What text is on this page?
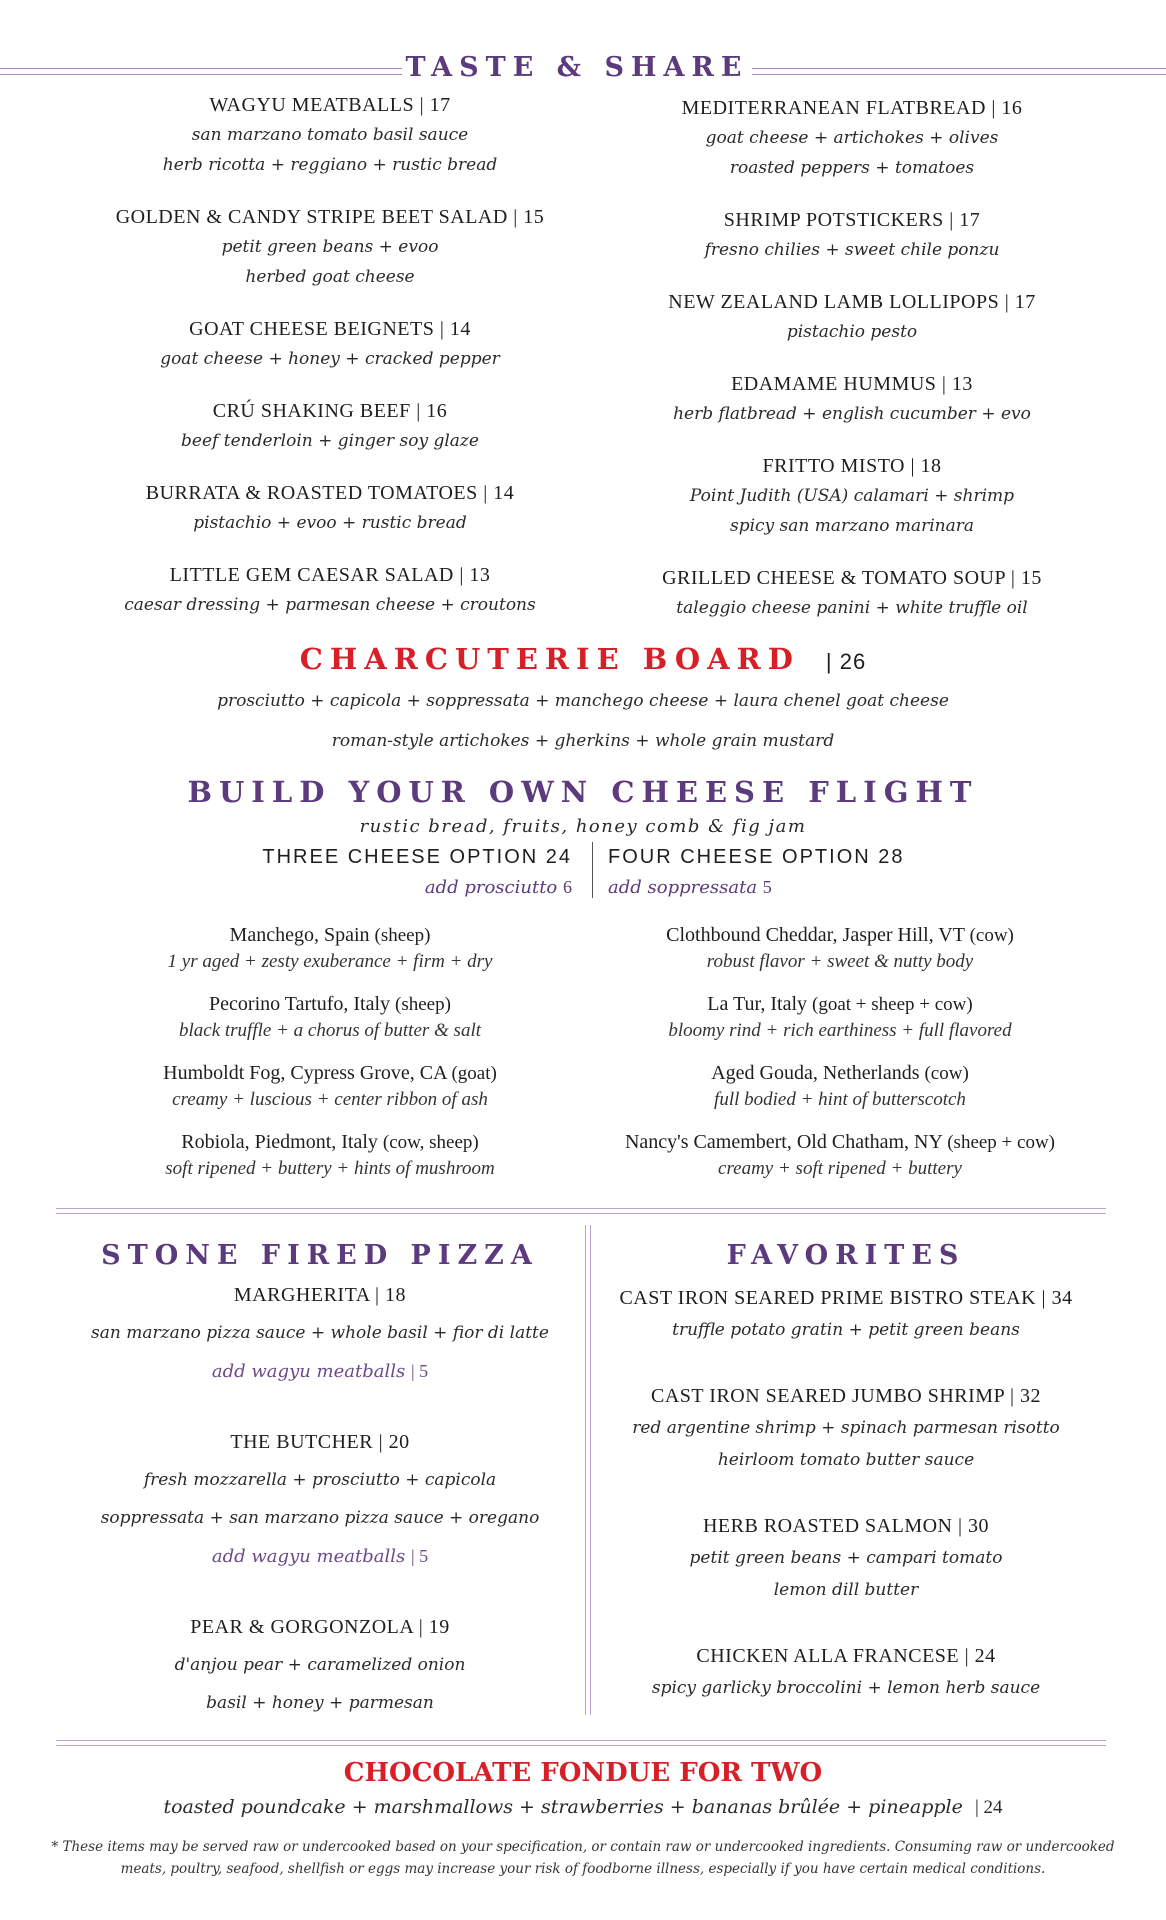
TASTE & SHARE
WAGYU MEATBALLS | 17
san marzano tomato basil sauce
herb ricotta + reggiano + rustic bread
GOLDEN & CANDY STRIPE BEET SALAD | 15
petit green beans + evoo
herbed goat cheese
GOAT CHEESE BEIGNETS | 14
goat cheese + honey + cracked pepper
CRÚ SHAKING BEEF | 16
beef tenderloin + ginger soy glaze
BURRATA & ROASTED TOMATOES | 14
pistachio + evoo + rustic bread
LITTLE GEM CAESAR SALAD | 13
caesar dressing + parmesan cheese + croutons
MEDITERRANEAN FLATBREAD | 16
goat cheese + artichokes + olives
roasted peppers + tomatoes
SHRIMP POTSTICKERS | 17
fresno chilies + sweet chile ponzu
NEW ZEALAND LAMB LOLLIPOPS | 17
pistachio pesto
EDAMAME HUMMUS | 13
herb flatbread + english cucumber + evo
FRITTO MISTO | 18
Point Judith (USA) calamari + shrimp
spicy san marzano marinara
GRILLED CHEESE & TOMATO SOUP | 15
taleggio cheese panini + white truffle oil
CHARCUTERIE BOARD | 26
prosciutto + capicola + soppressata + manchego cheese + laura chenel goat cheese
roman-style artichokes + gherkins + whole grain mustard
BUILD YOUR OWN CHEESE FLIGHT
rustic bread, fruits, honey comb & fig jam
THREE CHEESE OPTION 24
add prosciutto 6
FOUR CHEESE OPTION 28
add soppressata 5
Manchego, Spain (sheep)
1 yr aged + zesty exuberance + firm + dry
Pecorino Tartufo, Italy (sheep)
black truffle + a chorus of butter & salt
Humboldt Fog, Cypress Grove, CA (goat)
creamy + luscious + center ribbon of ash
Robiola, Piedmont, Italy (cow, sheep)
soft ripened + buttery + hints of mushroom
Clothbound Cheddar, Jasper Hill, VT (cow)
robust flavor + sweet & nutty body
La Tur, Italy (goat + sheep + cow)
bloomy rind + rich earthiness + full flavored
Aged Gouda, Netherlands (cow)
full bodied + hint of butterscotch
Nancy's Camembert, Old Chatham, NY (sheep + cow)
creamy + soft ripened + buttery
STONE FIRED PIZZA
MARGHERITA | 18
san marzano pizza sauce + whole basil + fior di latte
add wagyu meatballs | 5
THE BUTCHER | 20
fresh mozzarella + prosciutto + capicola
soppressata + san marzano pizza sauce + oregano
add wagyu meatballs | 5
PEAR & GORGONZOLA | 19
d'anjou pear + caramelized onion
basil + honey + parmesan
FAVORITES
CAST IRON SEARED PRIME BISTRO STEAK | 34
truffle potato gratin + petit green beans
CAST IRON SEARED JUMBO SHRIMP | 32
red argentine shrimp + spinach parmesan risotto
heirloom tomato butter sauce
HERB ROASTED SALMON | 30
petit green beans + campari tomato
lemon dill butter
CHICKEN ALLA FRANCESE | 24
spicy garlicky broccolini + lemon herb sauce
CHOCOLATE FONDUE FOR TWO
toasted poundcake + marshmallows + strawberries + bananas brûlée + pineapple | 24
* These items may be served raw or undercooked based on your specification, or contain raw or undercooked ingredients. Consuming raw or undercooked meats, poultry, seafood, shellfish or eggs may increase your risk of foodborne illness, especially if you have certain medical conditions.
